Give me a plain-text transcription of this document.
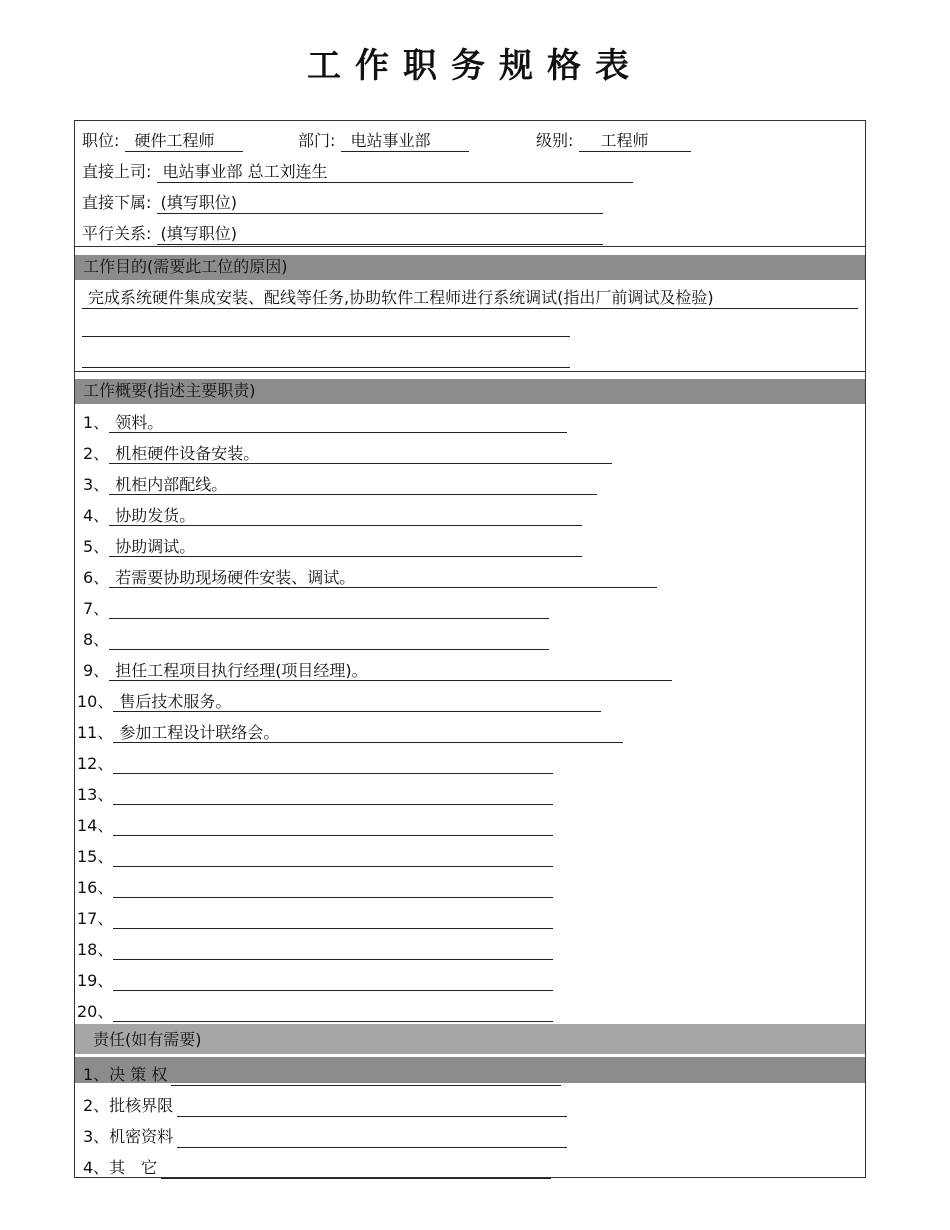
工作职务规格表
职位: 硬件工程师	部门: 电站事业部	级别: 工程师
直接上司: 电站事业部 总工刘连生
直接下属: (填写职位)
平行关系: (填写职位)
工作目的(需要此工位的原因)
完成系统硬件集成安装、配线等任务,协助软件工程师进行系统调试(指出厂前调试及检验)
工作概要(指述主要职责)
1、 领料。
2、 机柜硬件设备安装。
3、 机柜内部配线。
4、 协助发货。
5、 协助调试。
6、 若需要协助现场硬件安装、调试。
7、
8、
9、 担任工程项目执行经理(项目经理)。
10、 售后技术服务。
11、 参加工程设计联络会。
12、
13、
14、
15、
16、
17、
18、
19、
20、
责任(如有需要)
1、决 策 权
2、批核界限
3、机密资料
4、其　它
